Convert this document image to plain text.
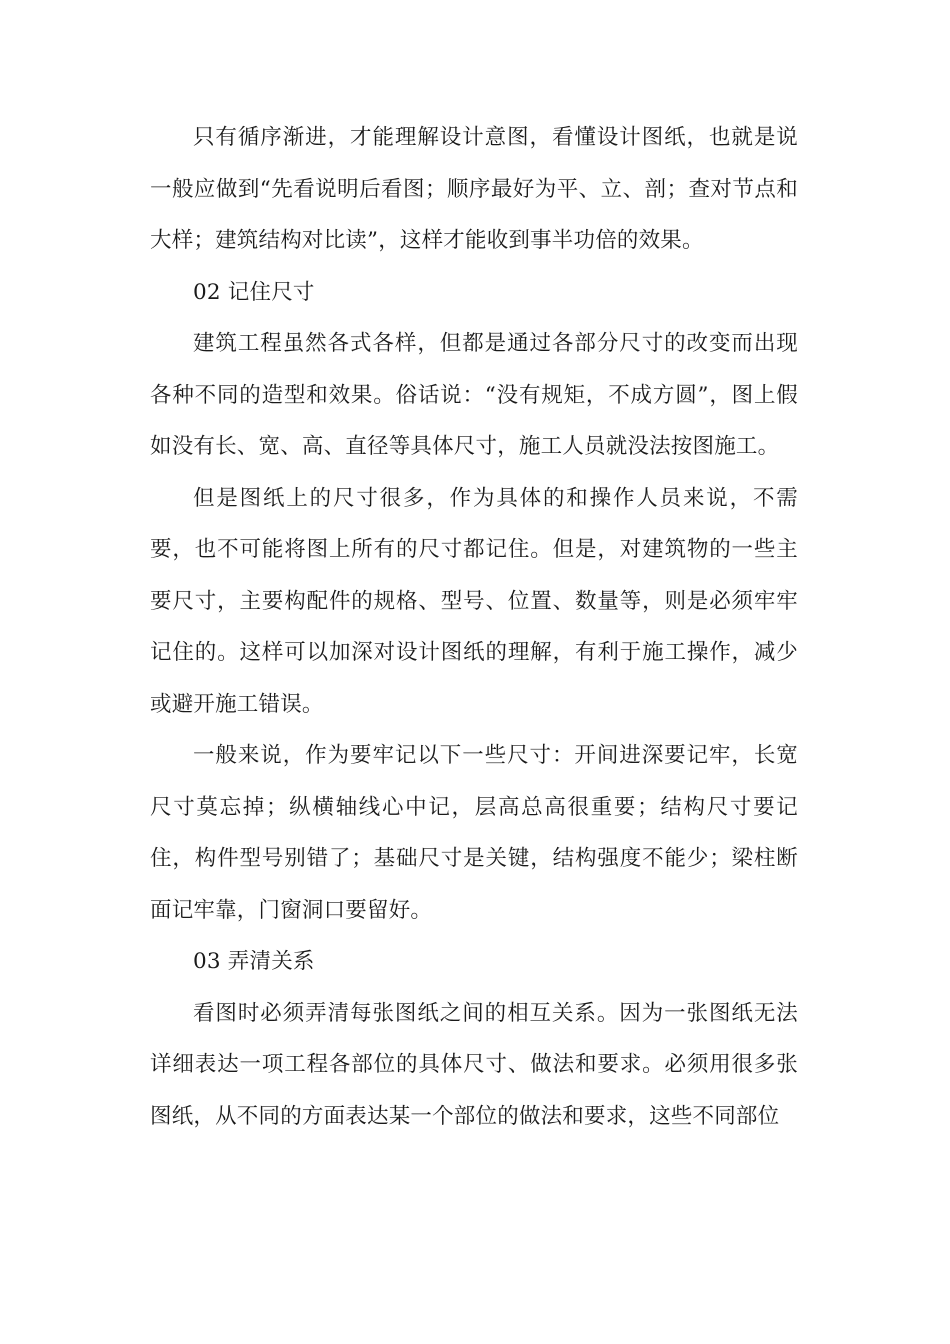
只有循序渐进，才能理解设计意图，看懂设计图纸，也就是说一般应做到“先看说明后看图；顺序最好为平、立、剖；查对节点和大样；建筑结构对比读”，这样才能收到事半功倍的效果。

02 记住尺寸

建筑工程虽然各式各样，但都是通过各部分尺寸的改变而出现各种不同的造型和效果。俗话说：“没有规矩，不成方圆”，图上假如没有长、宽、高、直径等具体尺寸，施工人员就没法按图施工。

但是图纸上的尺寸很多，作为具体的和操作人员来说，不需要，也不可能将图上所有的尺寸都记住。但是，对建筑物的一些主要尺寸，主要构配件的规格、型号、位置、数量等，则是必须牢牢记住的。这样可以加深对设计图纸的理解，有利于施工操作，减少或避开施工错误。

一般来说，作为要牢记以下一些尺寸：开间进深要记牢，长宽尺寸莫忘掉；纵横轴线心中记，层高总高很重要；结构尺寸要记住，构件型号别错了；基础尺寸是关键，结构强度不能少；梁柱断面记牢靠，门窗洞口要留好。

03 弄清关系

看图时必须弄清每张图纸之间的相互关系。因为一张图纸无法详细表达一项工程各部位的具体尺寸、做法和要求。必须用很多张图纸，从不同的方面表达某一个部位的做法和要求，这些不同部位
